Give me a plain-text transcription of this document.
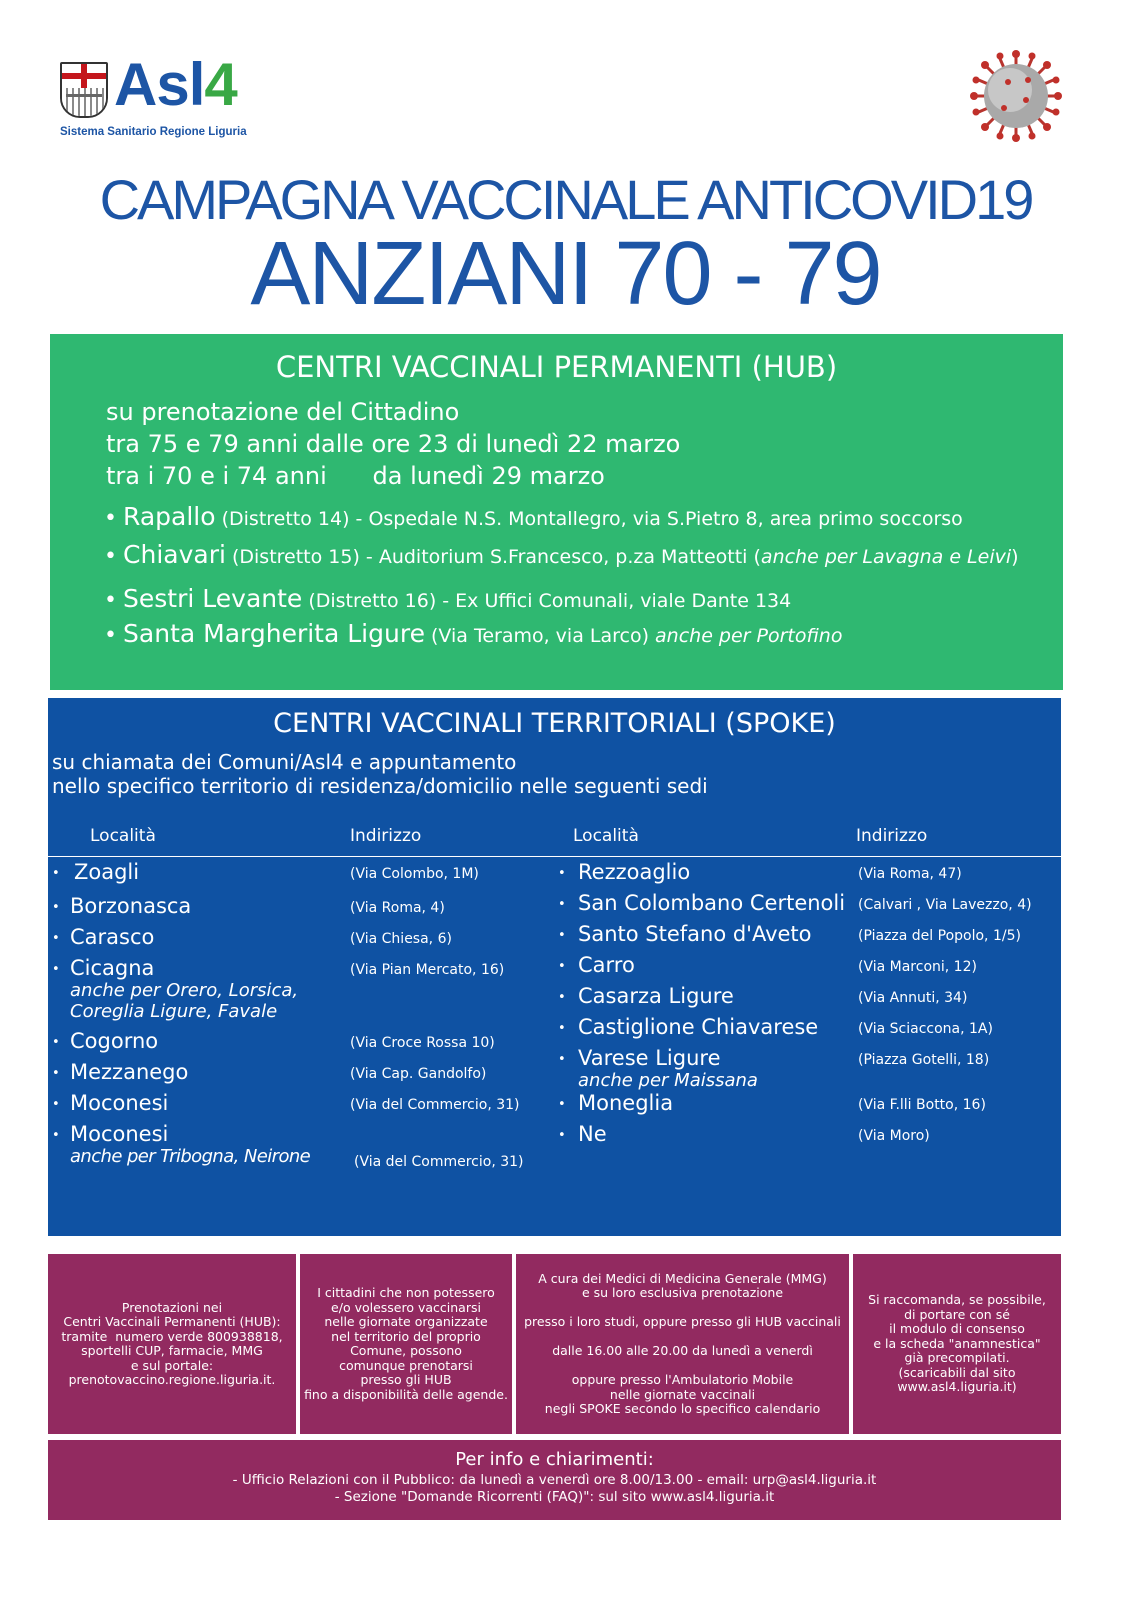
Asl4
Sistema Sanitario Regione Liguria
CAMPAGNA VACCINALE ANTICOVID19
ANZIANI 70 - 79
CENTRI VACCINALI PERMANENTI (HUB)
su prenotazione del Cittadino
tra 75 e 79 anni dalle ore 23 di lunedì 22 marzo
tra i 70 e i 74 anni      da lunedì 29 marzo
• Rapallo (Distretto 14) - Ospedale N.S. Montallegro, via S.Pietro 8, area primo soccorso
• Chiavari (Distretto 15) - Auditorium S.Francesco, p.za Matteotti (anche per Lavagna e Leivi)
• Sestri Levante (Distretto 16) - Ex Uffici Comunali, viale Dante 134
• Santa Margherita Ligure (Via Teramo, via Larco) anche per Portofino
CENTRI VACCINALI TERRITORIALI (SPOKE)
su chiamata dei Comuni/Asl4 e appuntamento
nello specifico territorio di residenza/domicilio nelle seguenti sedi
Località	Indirizzo	Località	Indirizzo
• Zoagli	(Via Colombo, 1M)
• Borzonasca	(Via Roma, 4)
• Carasco	(Via Chiesa, 6)
• Cicagna	(Via Pian Mercato, 16)
anche per Orero, Lorsica,
Coreglia Ligure, Favale
• Cogorno	(Via Croce Rossa 10)
• Mezzanego	(Via Cap. Gandolfo)
• Moconesi	(Via del Commercio, 31)
• Moconesi
(Via del Commercio, 31)
anche per Tribogna, Neirone
• Rezzoaglio	(Via Roma, 47)
• San Colombano Certenoli (Calvari , Via Lavezzo, 4)
• Santo Stefano d'Aveto	(Piazza del Popolo, 1/5)
• Carro	(Via Marconi, 12)
• Casarza Ligure	(Via Annuti, 34)
• Castiglione Chiavarese	(Via Sciaccona, 1A)
• Varese Ligure	(Piazza Gotelli, 18)
anche per Maissana
• Moneglia	(Via F.lli Botto, 16)
• Ne	(Via Moro)
Prenotazioni nei
Centri Vaccinali Permanenti (HUB):
tramite  numero verde 800938818,
sportelli CUP, farmacie, MMG
e sul portale:
prenotovaccino.regione.liguria.it.
I cittadini che non potessero
e/o volessero vaccinarsi
nelle giornate organizzate
nel territorio del proprio
Comune, possono
comunque prenotarsi
presso gli HUB
fino a disponibilità delle agende.
A cura dei Medici di Medicina Generale (MMG)
e su loro esclusiva prenotazione

presso i loro studi, oppure presso gli HUB vaccinali

dalle 16.00 alle 20.00 da lunedì a venerdì

oppure presso l'Ambulatorio Mobile
nelle giornate vaccinali
negli SPOKE secondo lo specifico calendario
Si raccomanda, se possibile,
di portare con sé
il modulo di consenso
e la scheda "anamnestica"
già precompilati.
(scaricabili dal sito
www.asl4.liguria.it)
Per info e chiarimenti:
- Ufficio Relazioni con il Pubblico: da lunedì a venerdì ore 8.00/13.00 - email: urp@asl4.liguria.it
- Sezione "Domande Ricorrenti (FAQ)": sul sito www.asl4.liguria.it
